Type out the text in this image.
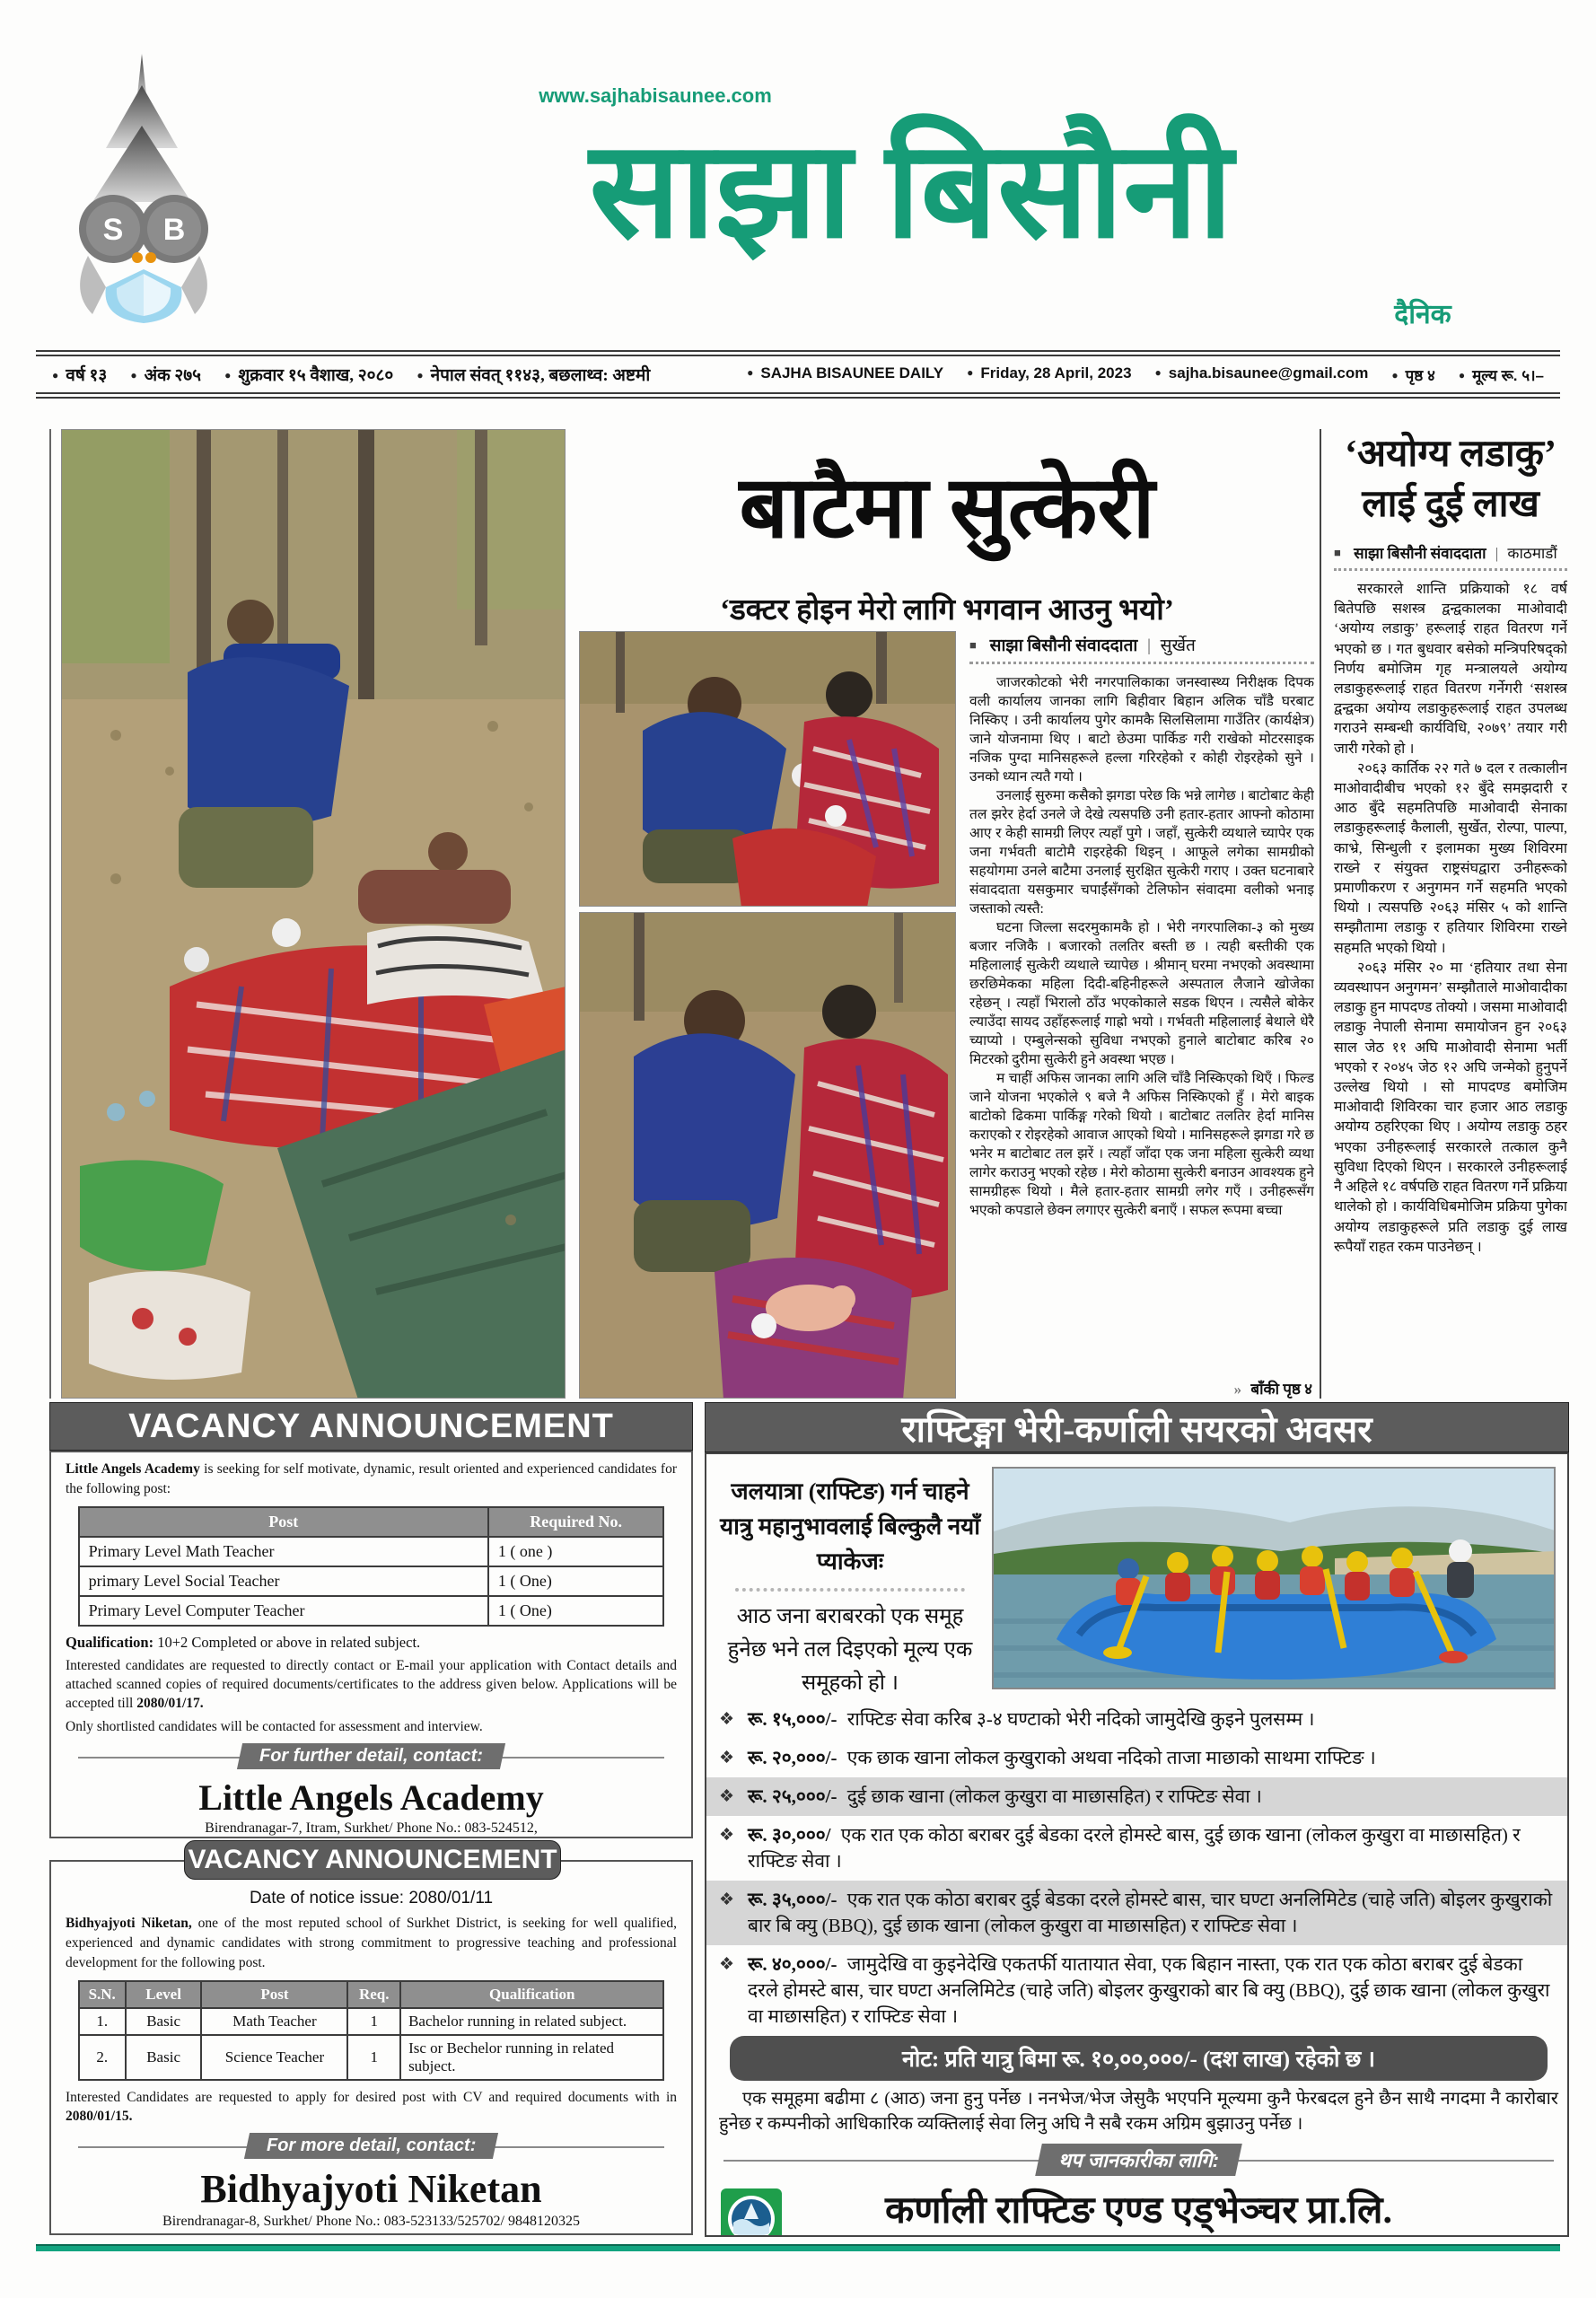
S B
www.sajhabisaunee.com
साझा बिसौनी
दैनिक
● वर्ष १३ ● अंक २७५ ● शुक्रवार १५ वैशाख, २०८० ● नेपाल संवत् ११४३, बछलाथ्व: अष्टमी	● SAJHA BISAUNEE DAILY ● Friday, 28 April, 2023 ● sajha.bisaunee@gmail.com ● पृष्ठ ४ ● मूल्य रू. ५।–
बाटैमा सुत्केरी
‘डक्टर होइन मेरो लागि भगवान आउनु भयो’
■ साझा बिसौनी संवाददाता | सुर्खेत

जाजरकोटको भेरी नगरपालिकाका जनस्वास्थ्य निरीक्षक दिपक वली कार्यालय जानका लागि बिहीवार बिहान अलिक चाँडै घरबाट निस्किए । उनी कार्यालय पुगेर कामकै सिलसिलामा गाउँतिर (कार्यक्षेत्र) जाने योजनामा थिए । बाटो छेउमा पार्किङ गरी राखेको मोटरसाइक नजिक पुग्दा मानिसहरूले हल्ला गरिरहेको र कोही रोइरहेको सुने । उनको ध्यान त्यतै गयो ।

उनलाई सुरुमा कसैको झगडा परेछ कि भन्ने लागेछ । बाटोबाट केही तल झरेर हेर्दा उनले जे देखे त्यसपछि उनी हतार-हतार आफ्नो कोठामा आए र केही सामग्री लिएर त्यहाँ पुगे । जहाँ, सुत्केरी व्यथाले च्यापेर एक जना गर्भवती बाटोमै राइरहेकी थिइन् । आफूले लगेका सामग्रीको सहयोगमा उनले बाटैमा उनलाई सुरक्षित सुत्केरी गराए । उक्त घटनाबारे संवाददाता यसकुमार चपाईंसँगको टेलिफोन संवादमा वलीको भनाइ जस्ताको त्यस्तै:

घटना जिल्ला सदरमुकामकै हो । भेरी नगरपालिका-३ को मुख्य बजार नजिकै । बजारको तलतिर बस्ती छ । त्यही बस्तीकी एक महिलालाई सुत्केरी व्यथाले च्यापेछ । श्रीमान् घरमा नभएको अवस्थामा छरछिमेकका महिला दिदी-बहिनीहरूले अस्पताल लैजाने खोजेका रहेछन् । त्यहाँ भिरालो ठाँउ भएकोकाले सडक थिएन । त्यसैले बोकेर ल्याउँदा सायद उहाँहरूलाई गाह्रो भयो । गर्भवती महिलालाई बेथाले धेरै च्याप्यो । एम्बुलेन्सको सुविधा नभएको हुनाले बाटोबाट करिब २० मिटरको दुरीमा सुत्केरी हुने अवस्था भएछ ।

म चाहीं अफिस जानका लागि अलि चाँडै निस्किएको थिएँ । फिल्ड जाने योजना भएकोले ९ बजे नै अफिस निस्किएको हुँ । मेरो बाइक बाटोको ढिकमा पार्किङ्ग गरेको थियो । बाटोबाट तलतिर हेर्दा मानिस कराएको र रोइरहेको आवाज आएको थियो । मानिसहरूले झगडा गरे छ भनेर म बाटोबाट तल झरें । त्यहाँ जाँदा एक जना महिला सुत्केरी व्यथा लागेर कराउनु भएको रहेछ । मेरो कोठामा सुत्केरी बनाउन आवश्यक हुने सामग्रीहरू थियो । मैले हतार-हतार सामग्री लगेर गएँ । उनीहरूसँग भएको कपडाले छेक्न लगाएर सुत्केरी बनाएँ । सफल रूपमा बच्चा

» बाँकी पृष्ठ ४
‘अयोग्य लडाकु’
लाई दुई लाख
■ साझा बिसौनी संवाददाता | काठमाडौं

सरकारले शान्ति प्रक्रियाको १८ वर्ष बितेपछि सशस्त्र द्वन्द्वकालका माओवादी ‘अयोग्य लडाकु’ हरूलाई राहत वितरण गर्ने भएको छ । गत बुधवार बसेको मन्त्रिपरिषद्को निर्णय बमोजिम गृह मन्त्रालयले अयोग्य लडाकुहरूलाई राहत वितरण गर्नेगरी ‘सशस्त्र द्वन्द्वका अयोग्य लडाकुहरूलाई राहत उपलब्ध गराउने सम्बन्धी कार्यविधि, २०७९’ तयार गरी जारी गरेको हो ।

२०६३ कार्तिक २२ गते ७ दल र तत्कालीन माओवादीबीच भएको १२ बुँदे समझदारी र आठ बुँदे सहमतिपछि माओवादी सेनाका लडाकुहरूलाई कैलाली, सुर्खेत, रोल्पा, पाल्पा, काभ्रे, सिन्धुली र इलामका मुख्य शिविरमा राख्ने र संयुक्त राष्ट्रसंघद्वारा उनीहरूको प्रमाणीकरण र अनुगमन गर्ने सहमति भएको थियो । त्यसपछि २०६३ मंसिर ५ को शान्ति सम्झौतामा लडाकु र हतियार शिविरमा राख्ने सहमति भएको थियो ।

२०६३ मंसिर २० मा ‘हतियार तथा सेना व्यवस्थापन अनुगमन’ सम्झौताले माओवादीका लडाकु हुन मापदण्ड तोक्यो । जसमा माओवादी लडाकु नेपाली सेनामा समायोजन हुन २०६३ साल जेठ ११ अघि माओवादी सेनामा भर्ती भएको र २०४५ जेठ १२ अघि जन्मेको हुनुपर्ने उल्लेख थियो । सो मापदण्ड बमोजिम माओवादी शिविरका चार हजार आठ लडाकु अयोग्य ठहरिएका थिए । अयोग्य लडाकु ठहर भएका उनीहरूलाई सरकारले तत्काल कुनै सुविधा दिएको थिएन । सरकारले उनीहरूलाई नै अहिले १८ वर्षपछि राहत वितरण गर्ने प्रक्रिया थालेको हो । कार्यविधिबमोजिम प्रक्रिया पुगेका अयोग्य लडाकुहरूले प्रति लडाकु दुई लाख रूपैयाँ राहत रकम पाउनेछन् ।

VACANCY ANNOUNCEMENT

Little Angels Academy is seeking for self motivate, dynamic, result oriented and experienced candidates for the following post:

Post	Required No.
Primary Level Math Teacher	1 ( one )
primary Level Social Teacher	1 ( One)
Primary Level Computer Teacher	1 ( One)

Qualification: 10+2 Completed or above in related subject.

Interested candidates are requested to directly contact or E-mail your application with Contact details and attached scanned copies of required documents/certificates to the address given below. Applications will be accepted till 2080/01/17.

Only shortlisted candidates will be contacted for assessment and interview.

For further detail, contact:
Little Angels Academy
Birendranagar-7, Itram, Surkhet/ Phone No.: 083-524512,
VACANCY ANNOUNCEMENT
Date of notice issue: 2080/01/11

Bidhyajyoti Niketan, one of the most reputed school of Surkhet District, is seeking for well qualified, experienced and dynamic candidates with strong commitment to progressive teaching and professional development for the following post.

S.N.	Level	Post	Req.	Qualification
1.	Basic	Math Teacher	1	Bachelor running in related subject.
2.	Basic	Science Teacher	1	Isc or Bechelor running in related subject.

Interested Candidates are requested to apply for desired post with CV and required documents with in 2080/01/15.

For more detail, contact:
Bidhyajyoti Niketan
Birendranagar-8, Surkhet/ Phone No.: 083-523133/525702/ 9848120325
राफ्टिङ्मा भेरी-कर्णाली सयरको अवसर
जलयात्रा (राफ्टिङ) गर्न चाहने यात्रु महानुभावलाई बिल्कुलै नयाँ प्याकेजः
आठ जना बराबरको एक समूह हुनेछ भने तल दिइएको मूल्य एक समूहको हो ।
❖ रू. १५,०००/- राफ्टिङ सेवा करिब ३-४ घण्टाको भेरी नदिको जामुदेखि कुइने पुलसम्म ।
❖ रू. २०,०००/- एक छाक खाना लोकल कुखुराको अथवा नदिको ताजा माछाको साथमा राफ्टिङ ।
❖ रू. २५,०००/- दुई छाक खाना (लोकल कुखुरा वा माछासहित) र राफ्टिङ सेवा ।
❖ रू. ३०,०००/ एक रात एक कोठा बराबर दुई बेडका दरले होमस्टे बास, दुई छाक खाना (लोकल कुखुरा वा माछासहित) र राफ्टिङ सेवा ।
❖ रू. ३५,०००/- एक रात एक कोठा बराबर दुई बेडका दरले होमस्टे बास, चार घण्टा अनलिमिटेड (चाहे जति) बोइलर कुखुराको बार बि क्यु (BBQ), दुई छाक खाना (लोकल कुखुरा वा माछासहित) र राफ्टिङ सेवा ।
❖ रू. ४०,०००/- जामुदेखि वा कुइनेदेखि एकतर्फी यातायात सेवा, एक बिहान नास्ता, एक रात एक कोठा बराबर दुई बेडका दरले होमस्टे बास, चार घण्टा अनलिमिटेड (चाहे जति) बोइलर कुखुराको बार बि क्यु (BBQ), दुई छाक खाना (लोकल कुखुरा वा माछासहित) र राफ्टिङ सेवा ।
नोट: प्रति यात्रु बिमा रू. १०,००,०००/- (दश लाख) रहेको छ ।

एक समूहमा बढीमा ८ (आठ) जना हुनु पर्नेछ । ननभेज/भेज जेसुकै भएपनि मूल्यमा कुनै फेरबदल हुने छैन साथै नगदमा नै कारोबार हुनेछ र कम्पनीको आधिकारिक व्यक्तिलाई सेवा लिनु अघि नै सबै रकम अग्रिम बुझाउनु पर्नेछ ।

थप जानकारीका लागि:
कर्णाली राफ्टिङ एण्ड एड्भेञ्चर प्रा.लि.
